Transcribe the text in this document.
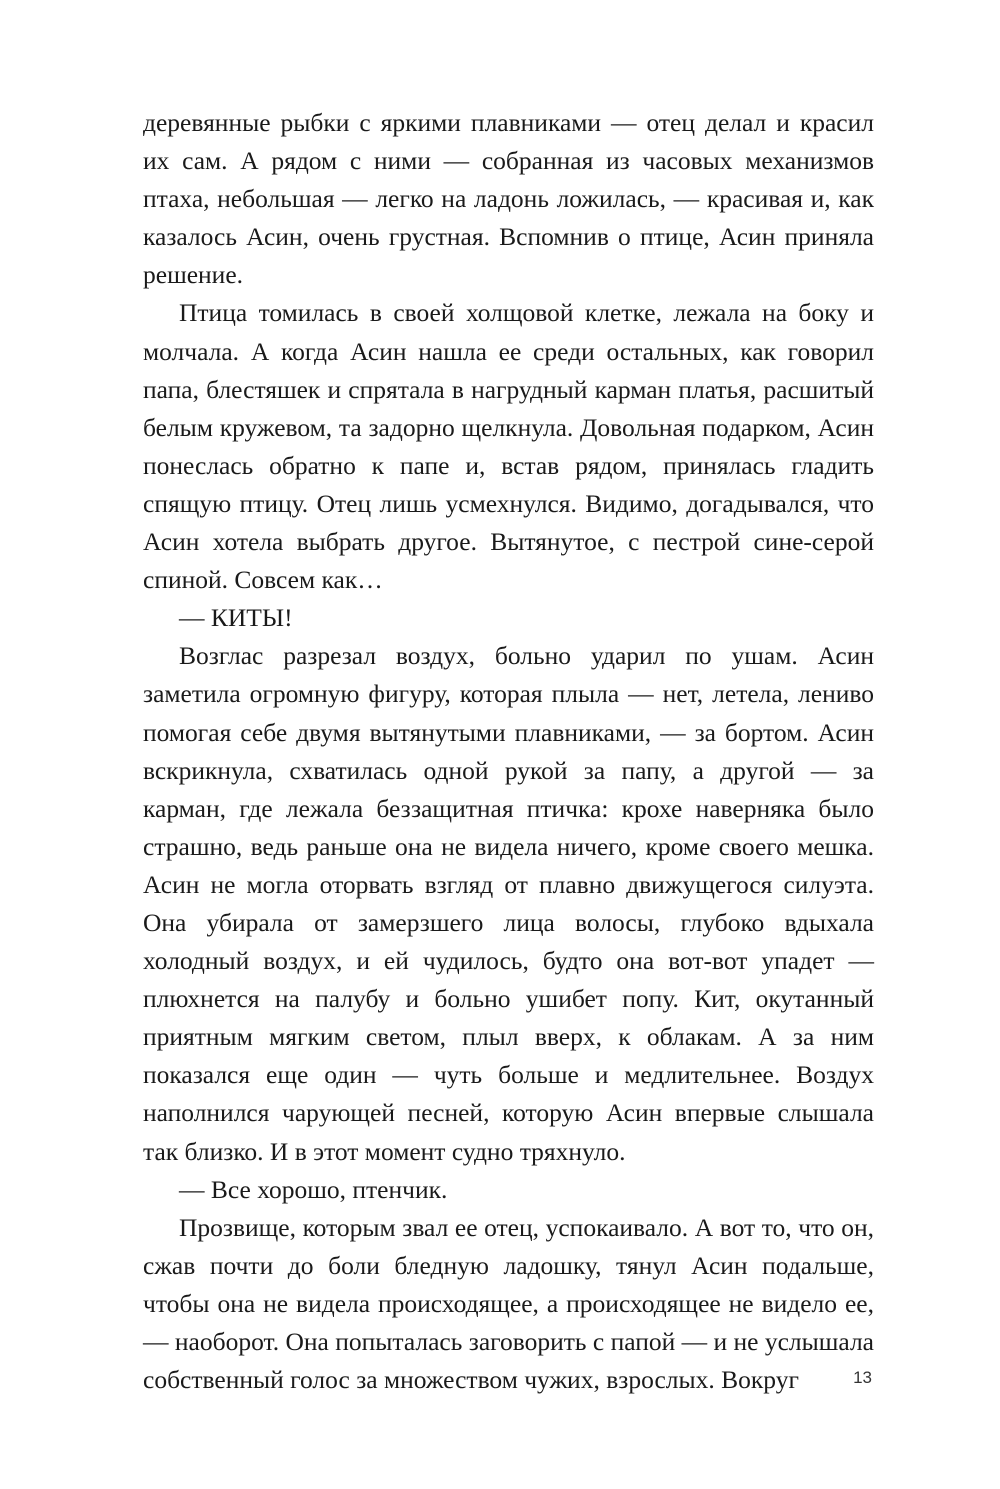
деревянные рыбки с яркими плавниками — отец делал и красил их сам. А рядом с ними — собранная из часовых механизмов птаха, небольшая — легко на ладонь ложилась, — красивая и, как казалось Асин, очень грустная. Вспомнив о птице, Асин приняла решение.

Птица томилась в своей холщовой клетке, лежала на боку и молчала. А когда Асин нашла ее среди остальных, как говорил папа, блестяшек и спрятала в нагрудный карман платья, расшитый белым кружевом, та задорно щелкнула. Довольная подарком, Асин понеслась обратно к папе и, встав рядом, принялась гладить спящую птицу. Отец лишь усмехнулся. Видимо, догадывался, что Асин хотела выбрать другое. Вытянутое, с пестрой сине-серой спиной. Совсем как…

— КИТЫ!

Возглас разрезал воздух, больно ударил по ушам. Асин заметила огромную фигуру, которая плыла — нет, летела, лениво помогая себе двумя вытянутыми плавниками, — за бортом. Асин вскрикнула, схватилась одной рукой за папу, а другой — за карман, где лежала беззащитная птичка: крохе наверняка было страшно, ведь раньше она не видела ничего, кроме своего мешка. Асин не могла оторвать взгляд от плавно движущегося силуэта. Она убирала от замерзшего лица волосы, глубоко вдыхала холодный воздух, и ей чудилось, будто она вот-вот упадет — плюхнется на палубу и больно ушибет попу. Кит, окутанный приятным мягким светом, плыл вверх, к облакам. А за ним показался еще один — чуть больше и медлительнее. Воздух наполнился чарующей песней, которую Асин впервые слышала так близко. И в этот момент судно тряхнуло.

— Все хорошо, птенчик.

Прозвище, которым звал ее отец, успокаивало. А вот то, что он, сжав почти до боли бледную ладошку, тянул Асин подальше, чтобы она не видела происходящее, а происходящее не видело ее, — наоборот. Она попыталась заговорить с папой — и не услышала собственный голос за множеством чужих, взрослых. Вокруг	13
